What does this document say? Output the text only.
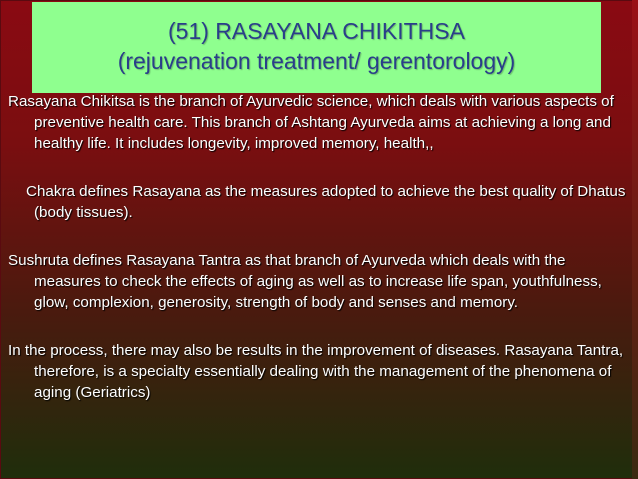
(51) RASAYANA CHIKITHSA
(rejuvenation treatment/ gerentorology)

Rasayana Chikitsa is the branch of Ayurvedic science, which deals with various aspects of preventive health care. This branch of Ashtang Ayurveda aims at achieving a long and healthy life. It includes longevity, improved memory, health,,

Chakra defines Rasayana as the measures adopted to achieve the best quality of Dhatus (body tissues).

Sushruta defines Rasayana Tantra as that branch of Ayurveda which deals with the measures to check the effects of aging as well as to increase life span, youthfulness, glow, complexion, generosity, strength of body and senses and memory.

In the process, there may also be results in the improvement of diseases. Rasayana Tantra, therefore, is a specialty essentially dealing with the management of the phenomena of aging (Geriatrics)
